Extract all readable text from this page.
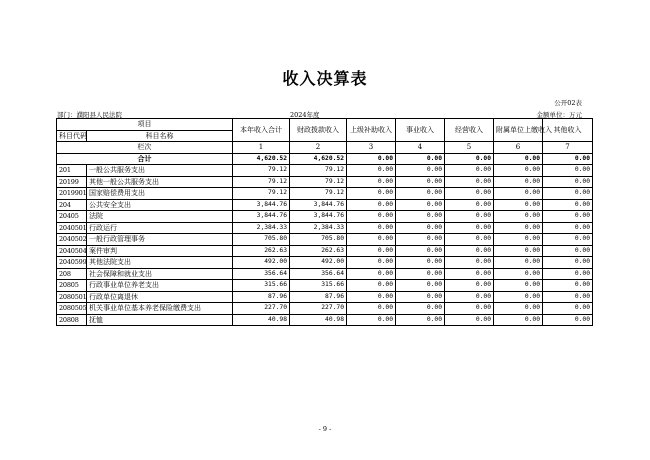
收入决算表
公开02表
部门：濮阳县人民法院	2024年度	金额单位：万元
项目		本年收入合计	财政拨款收入	上级补助收入	事业收入	经营收入	附属单位上缴收入	其他收入
科目代码	科目名称							
栏次		1	2	3	4	5	6	7
合计		4,620.52	4,620.52	0.00	0.00	0.00	0.00	0.00
201	一般公共服务支出	79.12	79.12	0.00	0.00	0.00	0.00	0.00
20199	其他一般公共服务支出	79.12	79.12	0.00	0.00	0.00	0.00	0.00
2019901	国家赔偿费用支出	79.12	79.12	0.00	0.00	0.00	0.00	0.00
204	公共安全支出	3,844.76	3,844.76	0.00	0.00	0.00	0.00	0.00
20405	法院	3,844.76	3,844.76	0.00	0.00	0.00	0.00	0.00
2040501	行政运行	2,384.33	2,384.33	0.00	0.00	0.00	0.00	0.00
2040502	一般行政管理事务	705.80	705.80	0.00	0.00	0.00	0.00	0.00
2040504	案件审判	262.63	262.63	0.00	0.00	0.00	0.00	0.00
2040599	其他法院支出	492.00	492.00	0.00	0.00	0.00	0.00	0.00
208	社会保障和就业支出	356.64	356.64	0.00	0.00	0.00	0.00	0.00
20805	行政事业单位养老支出	315.66	315.66	0.00	0.00	0.00	0.00	0.00
2080501	行政单位离退休	87.96	87.96	0.00	0.00	0.00	0.00	0.00
2080505	机关事业单位基本养老保险缴费支出	227.70	227.70	0.00	0.00	0.00	0.00	0.00
20808	抚恤	40.98	40.98	0.00	0.00	0.00	0.00	0.00
- 9 -
